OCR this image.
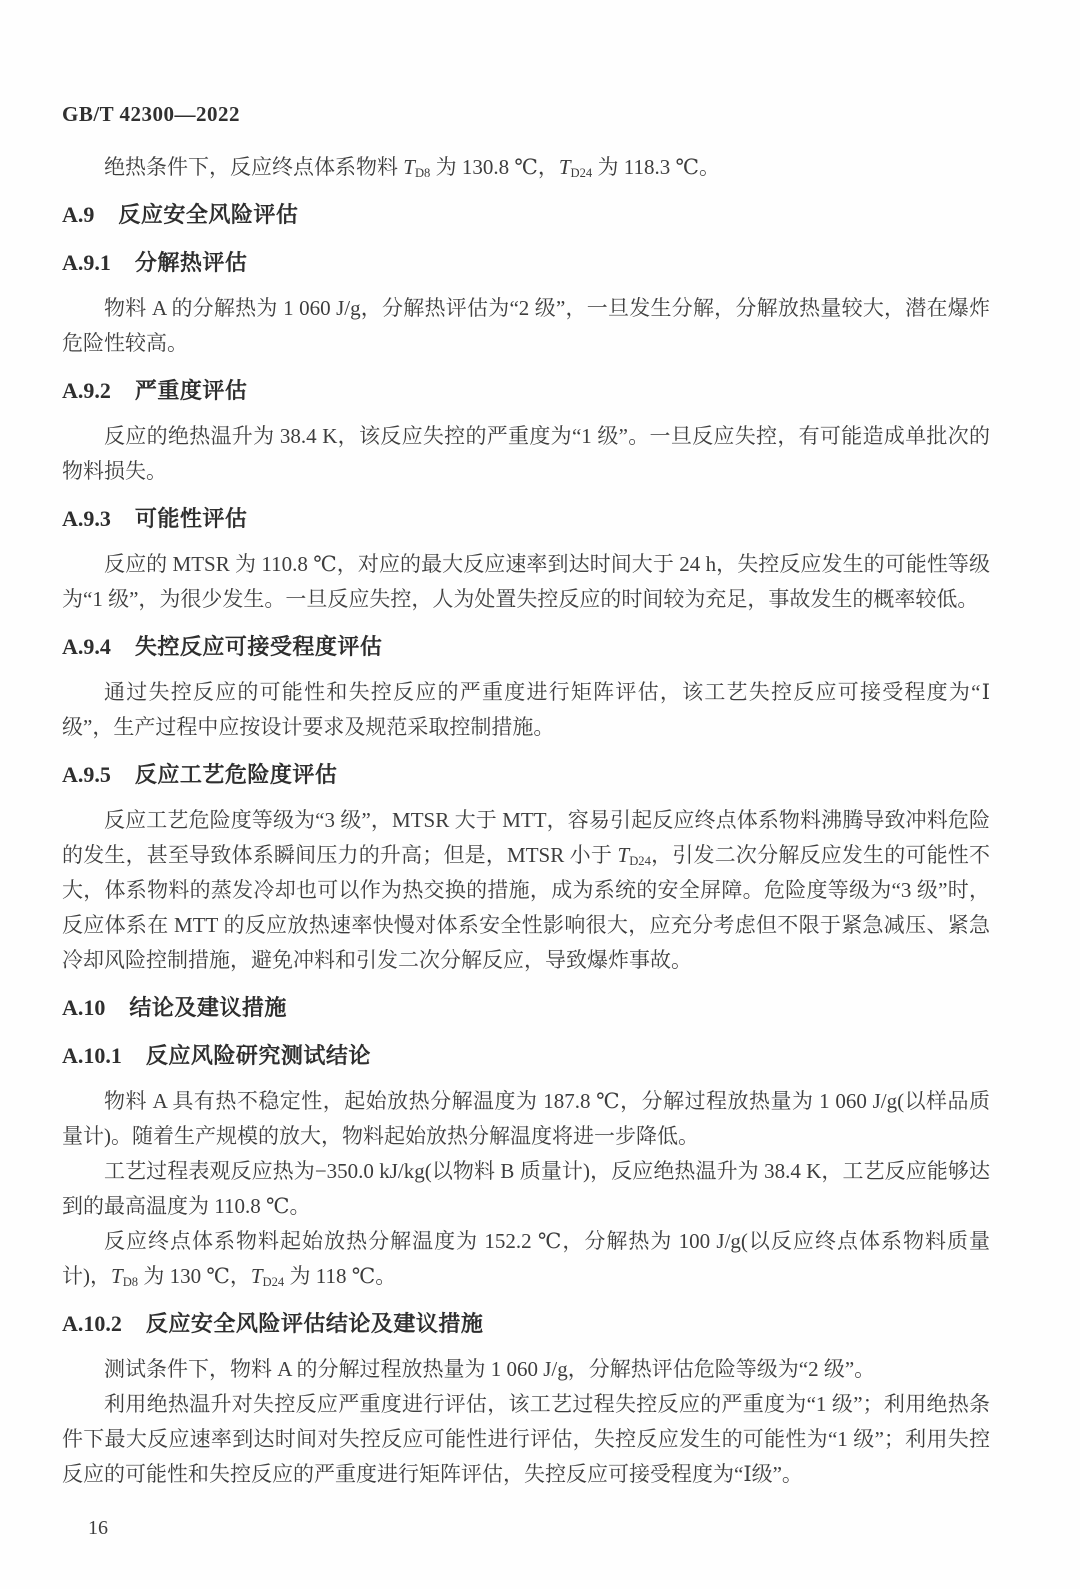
GB/T 42300—2022

绝热条件下，反应终点体系物料 $T_{D8}$ 为 130.8 ℃，$T_{D24}$ 为 118.3 ℃。

A.9 反应安全风险评估
A.9.1 分解热评估

物料 A 的分解热为 1 060 J/g，分解热评估为“2 级”，一旦发生分解，分解放热量较大，潜在爆炸危险性较高。

A.9.2 严重度评估

反应的绝热温升为 38.4 K，该反应失控的严重度为“1 级”。一旦反应失控，有可能造成单批次的物料损失。

A.9.3 可能性评估

反应的 MTSR 为 110.8 ℃，对应的最大反应速率到达时间大于 24 h，失控反应发生的可能性等级为“1 级”，为很少发生。一旦反应失控，人为处置失控反应的时间较为充足，事故发生的概率较低。

A.9.4 失控反应可接受程度评估

通过失控反应的可能性和失控反应的严重度进行矩阵评估，该工艺失控反应可接受程度为“Ⅰ级”，生产过程中应按设计要求及规范采取控制措施。

A.9.5 反应工艺危险度评估

反应工艺危险度等级为“3 级”，MTSR 大于 MTT，容易引起反应终点体系物料沸腾导致冲料危险的发生，甚至导致体系瞬间压力的升高；但是，MTSR 小于 $T_{D24}$，引发二次分解反应发生的可能性不大，体系物料的蒸发冷却也可以作为热交换的措施，成为系统的安全屏障。危险度等级为“3 级”时，反应体系在 MTT 的反应放热速率快慢对体系安全性影响很大，应充分考虑但不限于紧急减压、紧急冷却风险控制措施，避免冲料和引发二次分解反应，导致爆炸事故。

A.10 结论及建议措施
A.10.1 反应风险研究测试结论

物料 A 具有热不稳定性，起始放热分解温度为 187.8 ℃，分解过程放热量为 1 060 J/g(以样品质量计)。随着生产规模的放大，物料起始放热分解温度将进一步降低。

工艺过程表观反应热为−350.0 kJ/kg(以物料 B 质量计)，反应绝热温升为 38.4 K，工艺反应能够达到的最高温度为 110.8 ℃。

反应终点体系物料起始放热分解温度为 152.2 ℃，分解热为 100 J/g(以反应终点体系物料质量计)，$T_{D8}$ 为 130 ℃，$T_{D24}$ 为 118 ℃。

A.10.2 反应安全风险评估结论及建议措施

测试条件下，物料 A 的分解过程放热量为 1 060 J/g，分解热评估危险等级为“2 级”。

利用绝热温升对失控反应严重度进行评估，该工艺过程失控反应的严重度为“1 级”；利用绝热条件下最大反应速率到达时间对失控反应可能性进行评估，失控反应发生的可能性为“1 级”；利用失控反应的可能性和失控反应的严重度进行矩阵评估，失控反应可接受程度为“Ⅰ级”。

16
